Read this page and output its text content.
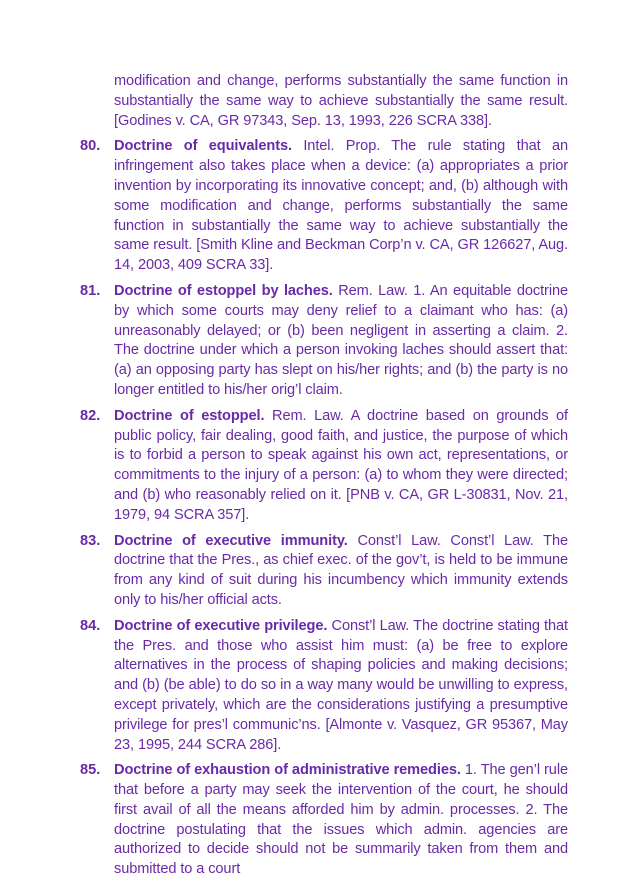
modification and change, performs substantially the same function in substantially the same way to achieve substantially the same result. [Godines v. CA, GR 97343, Sep. 13, 1993, 226 SCRA 338].
80. Doctrine of equivalents. Intel. Prop. The rule stating that an infringement also takes place when a device: (a) appropriates a prior invention by incorporating its innovative concept; and, (b) although with some modification and change, performs substantially the same function in substantially the same way to achieve substantially the same result. [Smith Kline and Beckman Corp’n v. CA, GR 126627, Aug. 14, 2003, 409 SCRA 33].
81. Doctrine of estoppel by laches. Rem. Law. 1. An equitable doctrine by which some courts may deny relief to a claimant who has: (a) unreasonably delayed; or (b) been negligent in asserting a claim. 2. The doctrine under which a person invoking laches should assert that: (a) an opposing party has slept on his/her rights; and (b) the party is no longer entitled to his/her orig’l claim.
82. Doctrine of estoppel. Rem. Law. A doctrine based on grounds of public policy, fair dealing, good faith, and justice, the purpose of which is to forbid a person to speak against his own act, representations, or commitments to the injury of a person: (a) to whom they were directed; and (b) who reasonably relied on it. [PNB v. CA, GR L-30831, Nov. 21, 1979, 94 SCRA 357].
83. Doctrine of executive immunity. Const’l Law. Const’l Law. The doctrine that the Pres., as chief exec. of the gov’t, is held to be immune from any kind of suit during his incumbency which immunity extends only to his/her official acts.
84. Doctrine of executive privilege. Const’l Law. The doctrine stating that the Pres. and those who assist him must: (a) be free to explore alternatives in the process of shaping policies and making decisions; and (b) (be able) to do so in a way many would be unwilling to express, except privately, which are the considerations justifying a presumptive privilege for pres’l communic’ns. [Almonte v. Vasquez, GR 95367, May 23, 1995, 244 SCRA 286].
85. Doctrine of exhaustion of administrative remedies. 1. The gen’l rule that before a party may seek the intervention of the court, he should first avail of all the means afforded him by admin. processes. 2. The doctrine postulating that the issues which admin. agencies are authorized to decide should not be summarily taken from them and submitted to a court
